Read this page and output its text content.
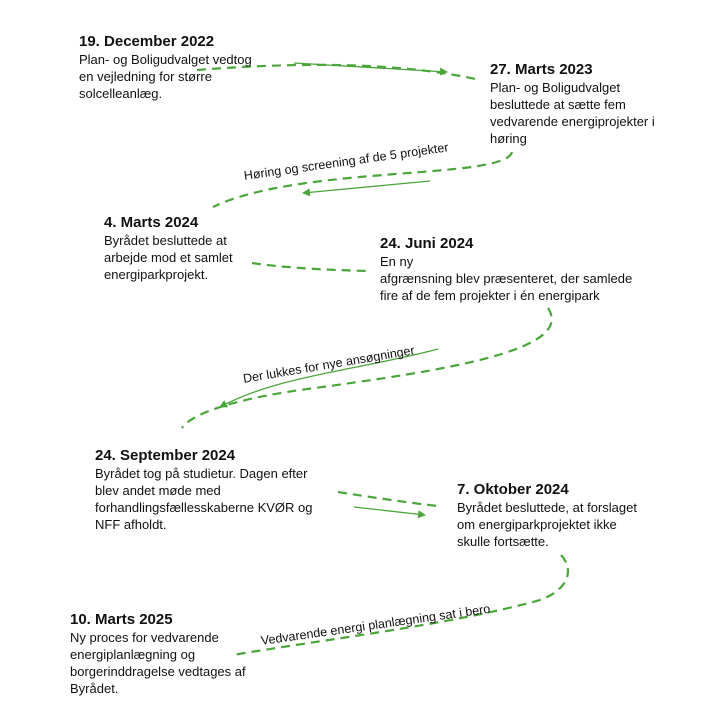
19. December 2022
Plan- og Boligudvalget vedtog
en vejledning for større
solcelleanlæg.
27. Marts 2023
Plan- og Boligudvalget
besluttede at sætte fem
vedvarende energiprojekter i
høring
4. Marts 2024
Byrådet besluttede at
arbejde mod et samlet
energiparkprojekt.
24. Juni 2024
En ny
afgrænsning blev præsenteret, der samlede
fire af de fem projekter i én energipark
24. September 2024
Byrådet tog på studietur. Dagen efter
blev andet møde med
forhandlingsfællesskaberne KVØR og
NFF afholdt.
7. Oktober 2024
Byrådet besluttede, at forslaget
om energiparkprojektet ikke
skulle fortsætte.
10. Marts 2025
Ny proces for vedvarende
energiplanlægning og
borgerinddragelse vedtages af
Byrådet.
Høring og screening af de 5 projekter
Der lukkes for nye ansøgninger
Vedvarende energi planlægning sat i bero
